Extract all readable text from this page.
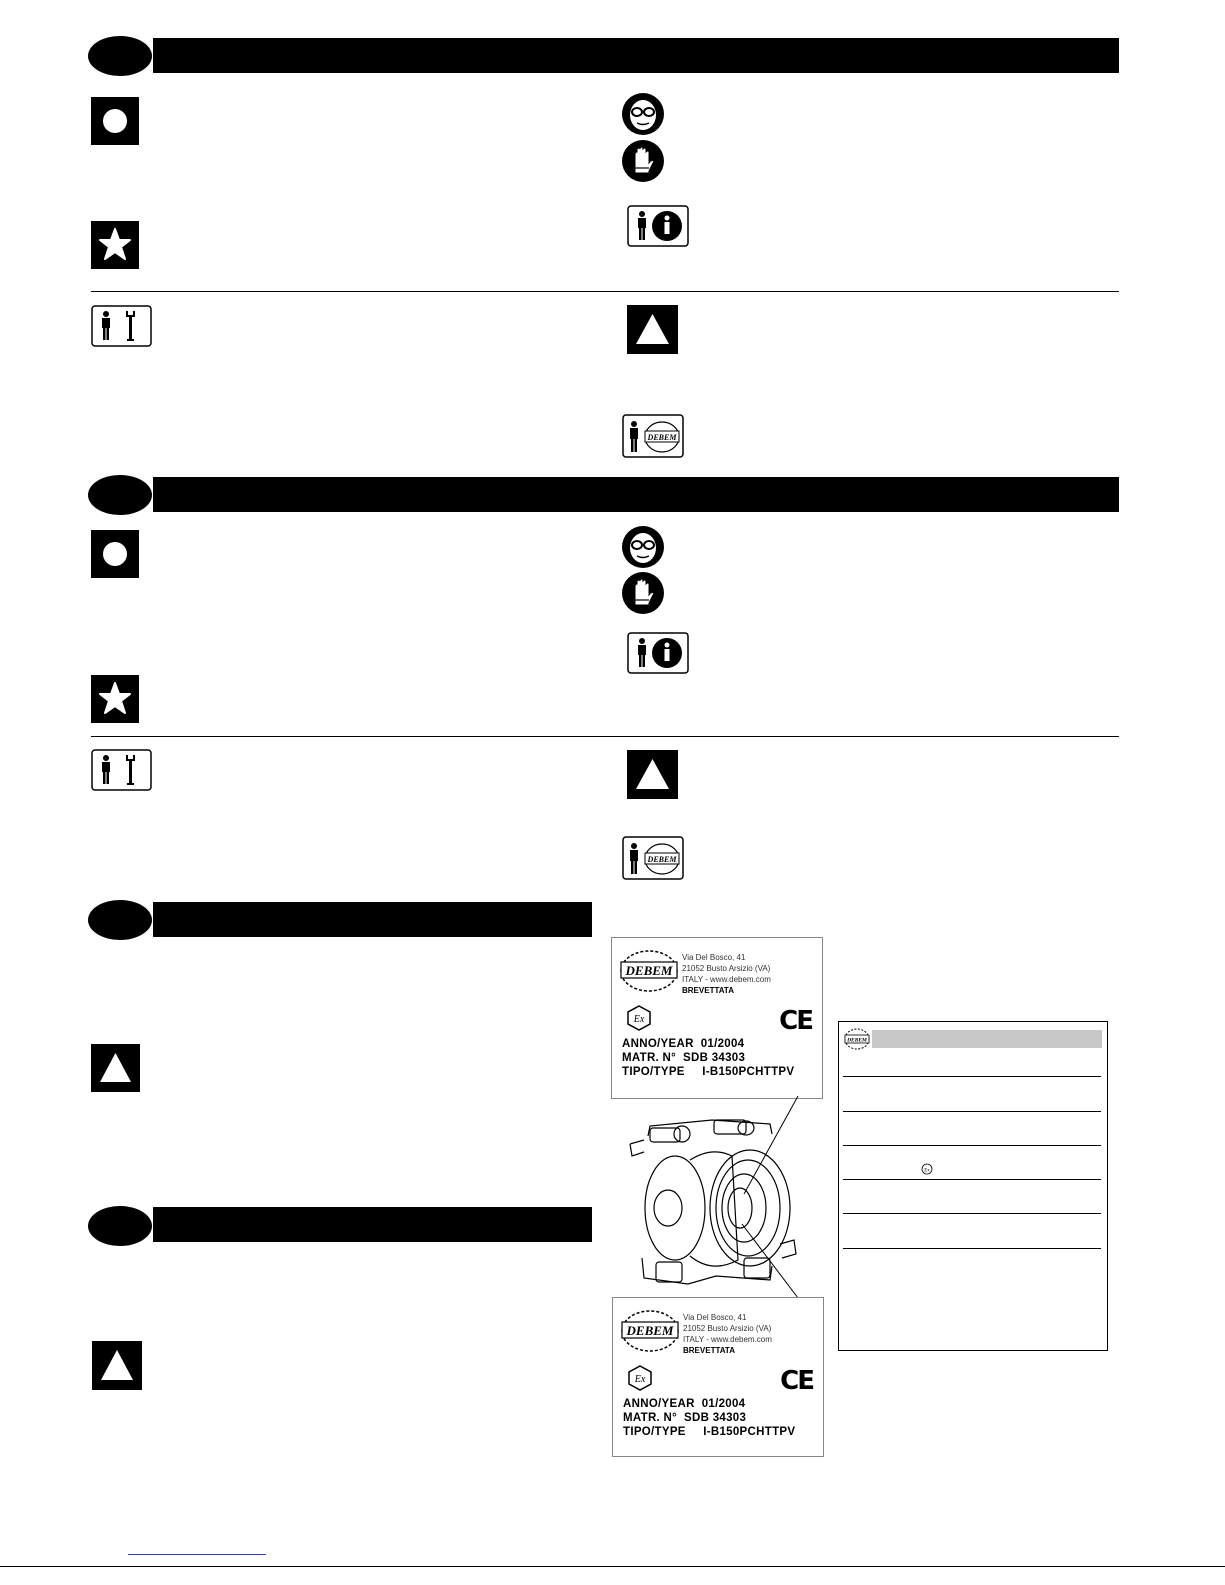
DEBEM
DEBEM
DEBEM
Via Del Bosco, 41
21052 Busto Arsizio (VA)
ITALY - www.debem.com
BREVETTATA
Ex	CE
ANNO/YEAR  01/2004
MATR. N°  SDB 34303
TIPO/TYPE     I-B150PCHTTPV
DEBEM
Via Del Bosco, 41
21052 Busto Arsizio (VA)
ITALY - www.debem.com
BREVETTATA
Ex	CE
ANNO/YEAR  01/2004
MATR. N°  SDB 34303
TIPO/TYPE     I-B150PCHTTPV
DEBEM
Ex
